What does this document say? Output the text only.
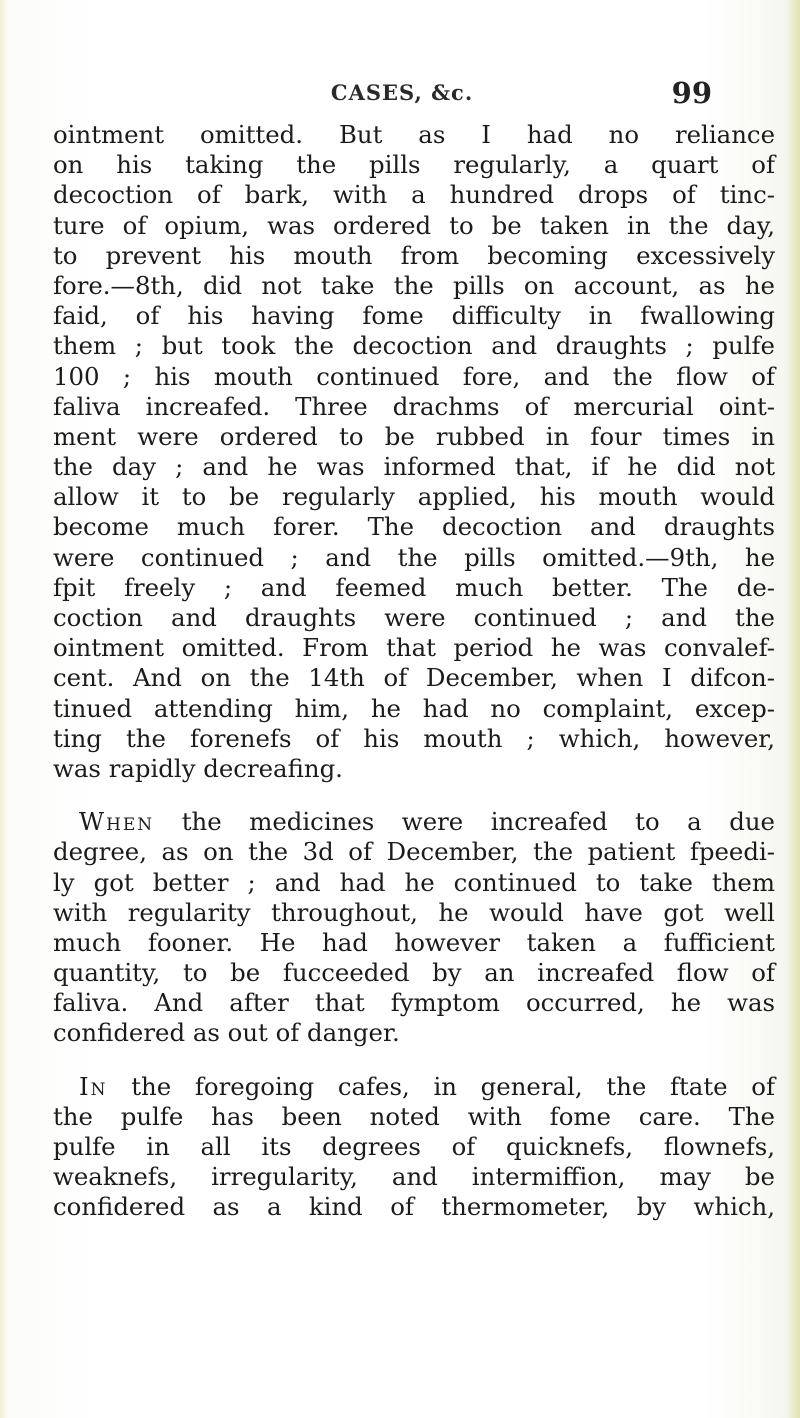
CASES, &c.	99
ointment omitted. But as I had no reliance
on his taking the pills regularly, a quart of
decoction of bark, with a hundred drops of tinc-
ture of opium, was ordered to be taken in the day,
to prevent his mouth from becoming excessively
fore.—8th, did not take the pills on account, as he
faid, of his having fome difficulty in fwallowing
them ; but took the decoction and draughts ; pulfe
100 ; his mouth continued fore, and the flow of
faliva increafed. Three drachms of mercurial oint-
ment were ordered to be rubbed in four times in
the day ; and he was informed that, if he did not
allow it to be regularly applied, his mouth would
become much forer. The decoction and draughts
were continued ; and the pills omitted.—9th, he
fpit freely ; and feemed much better. The de-
coction and draughts were continued ; and the
ointment omitted. From that period he was convalef-
cent. And on the 14th of December, when I difcon-
tinued attending him, he had no complaint, excep-
ting the forenefs of his mouth ; which, however,
was rapidly decreafing.
When the medicines were increafed to a due
degree, as on the 3d of December, the patient fpeedi-
ly got better ; and had he continued to take them
with regularity throughout, he would have got well
much fooner. He had however taken a fufficient
quantity, to be fucceeded by an increafed flow of
faliva. And after that fymptom occurred, he was
confidered as out of danger.
In the foregoing cafes, in general, the ftate of
the pulfe has been noted with fome care. The
pulfe in all its degrees of quicknefs, flownefs,
weaknefs, irregularity, and intermiffion, may be
confidered as a kind of thermometer, by which,
